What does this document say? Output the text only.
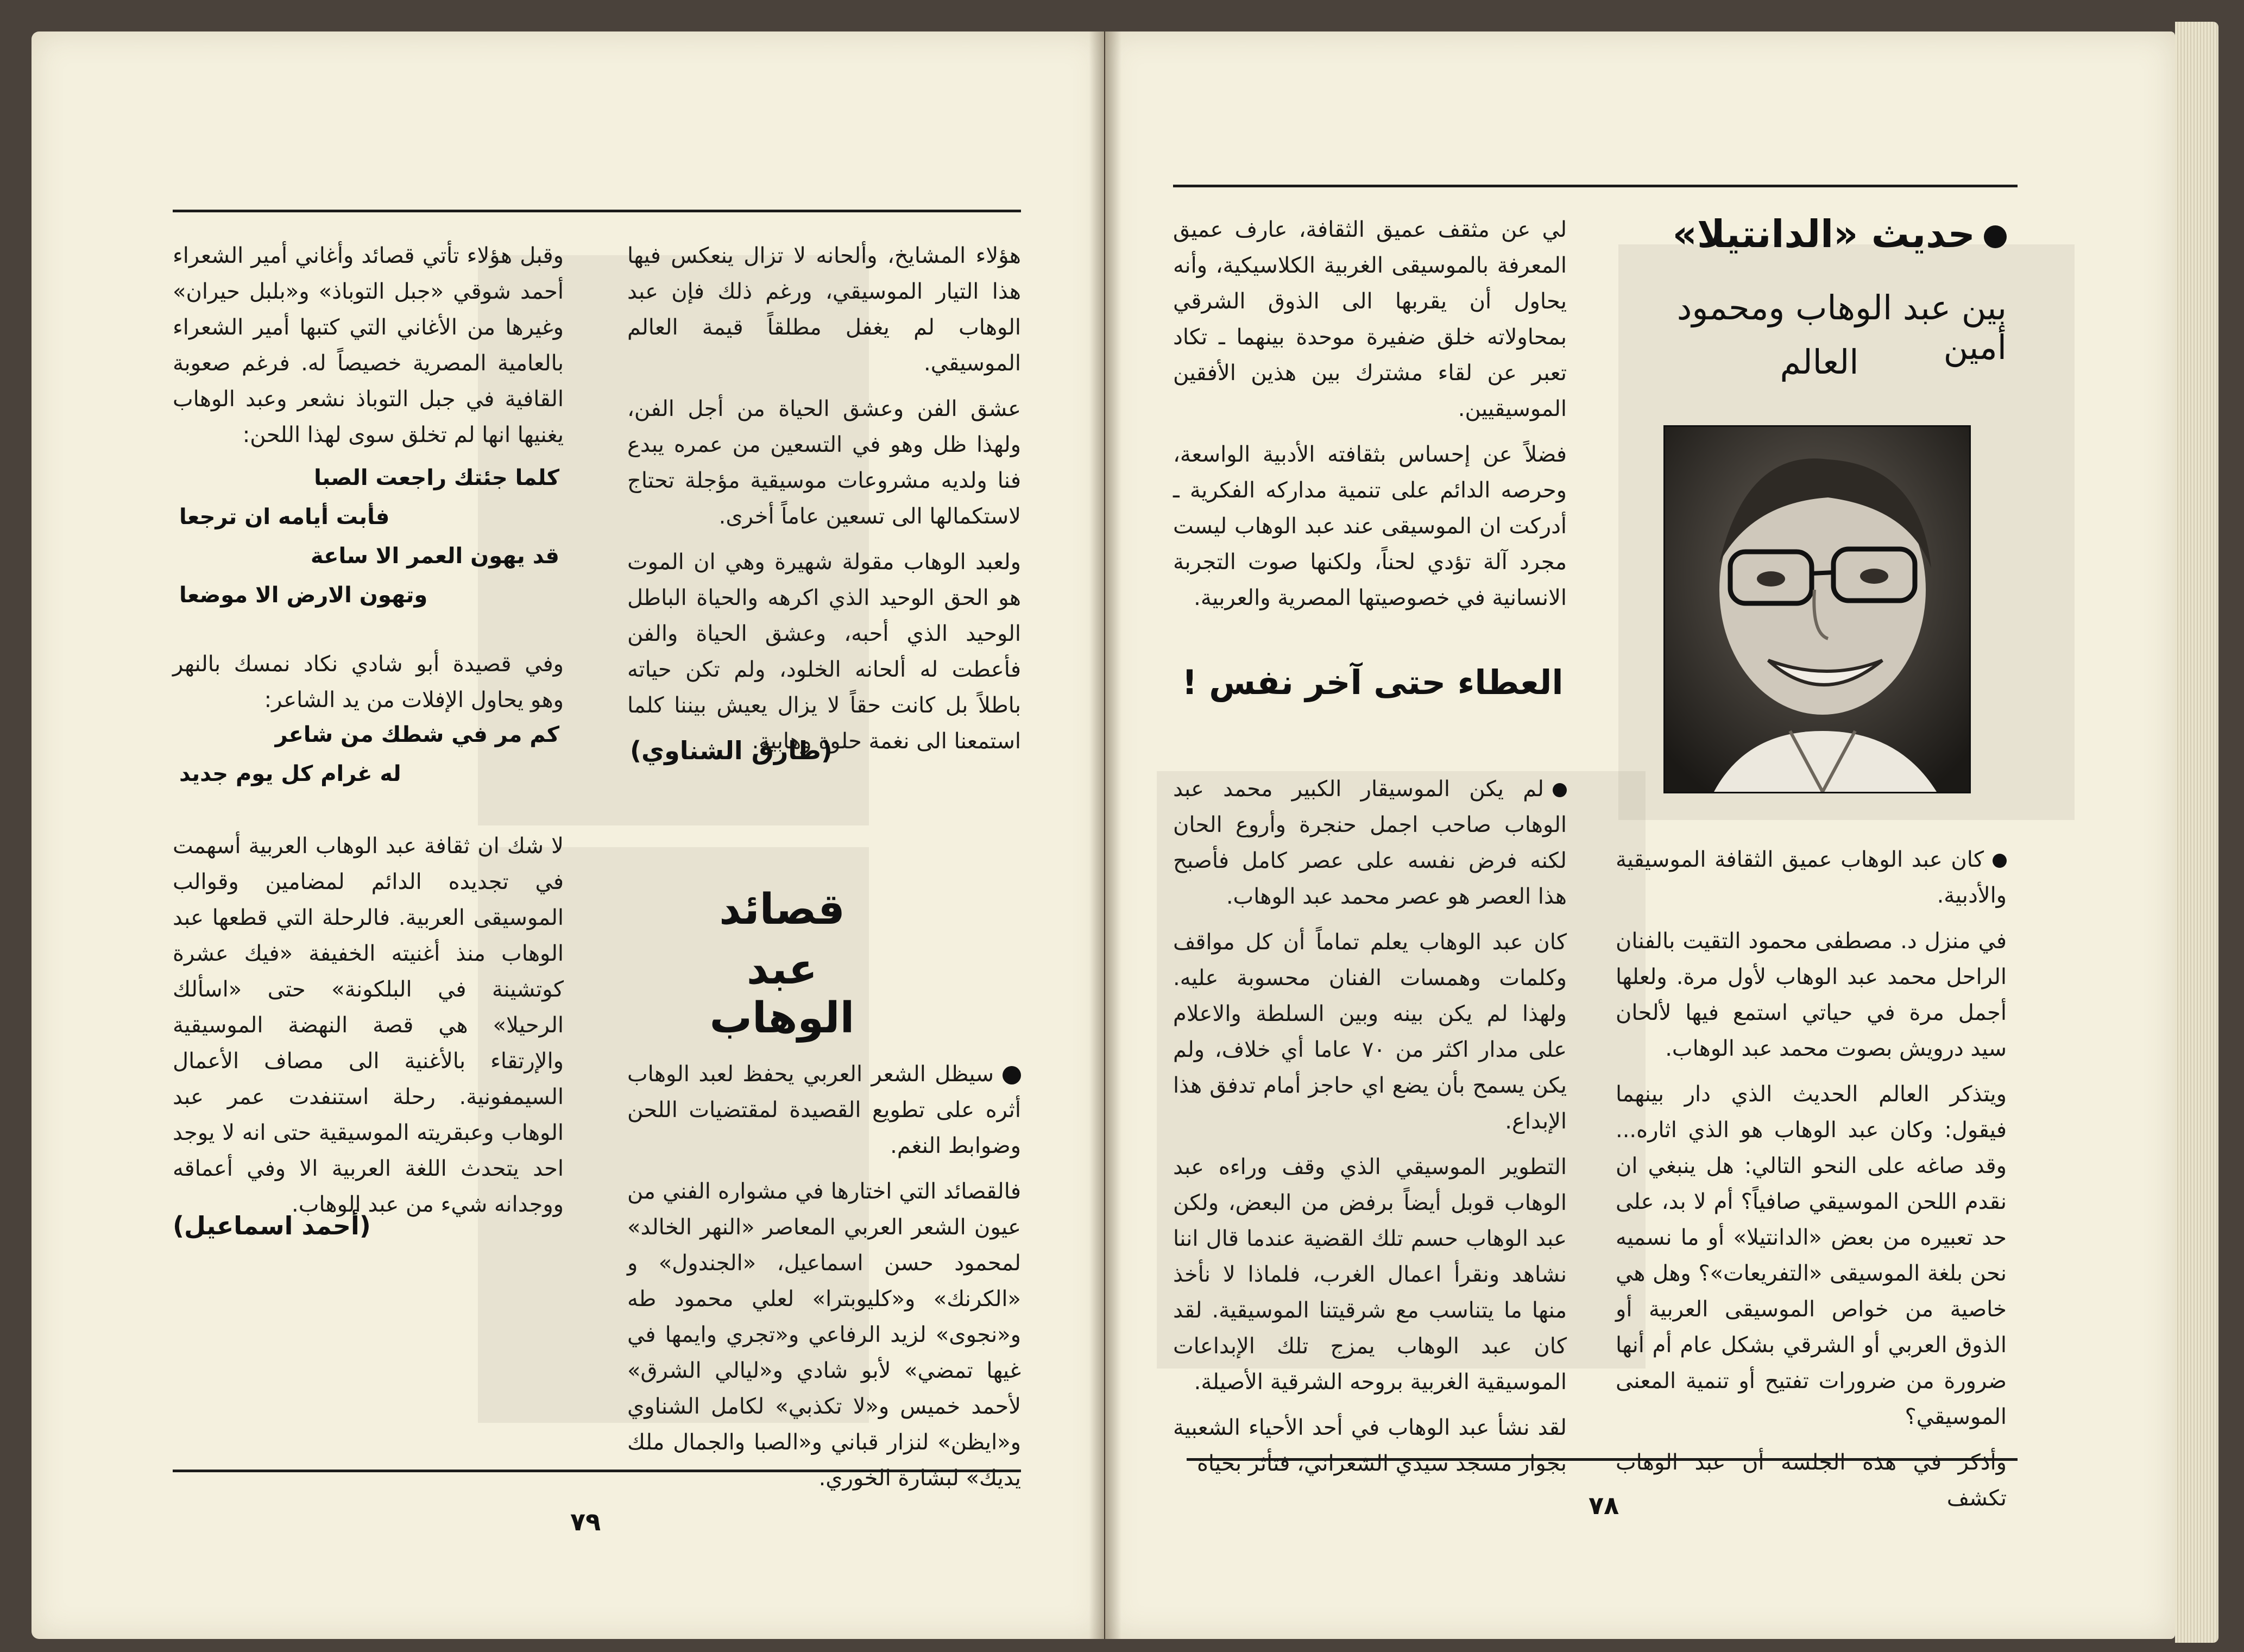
هؤلاء المشايخ، وألحانه لا تزال ينعكس فيها هذا التيار الموسيقي، ورغم ذلك فإن عبد الوهاب لم يغفل مطلقاً قيمة العالم الموسيقي.

عشق الفن وعشق الحياة من أجل الفن، ولهذا ظل وهو في التسعين من عمره يبدع فنا ولديه مشروعات موسيقية مؤجلة تحتاج لاستكمالها الى تسعين عاماً أخرى.

ولعبد الوهاب مقولة شهيرة وهي ان الموت هو الحق الوحيد الذي اكرهه والحياة الباطل الوحيد الذي أحبه، وعشق الحياة والفن فأعطت له ألحانه الخلود، ولم تكن حياته باطلاً بل كانت حقاً لا يزال يعيش بيننا كلما استمعنا الى نغمة حلوة وهابية.

(طارق الشناوي)
قصائد
عبد الوهاب

سيظل الشعر العربي يحفظ لعبد الوهاب أثره على تطويع القصيدة لمقتضيات اللحن وضوابط النغم.

فالقصائد التي اختارها في مشواره الفني من عيون الشعر العربي المعاصر «النهر الخالد» لمحمود حسن اسماعيل، «الجندول» و «الكرنك» و«كليوبترا» لعلي محمود طه و«نجوى» لزيد الرفاعي و«تجري وايمها في غيها تمضي» لأبو شادي و«ليالي الشرق» لأحمد خميس و«لا تكذبي» لكامل الشناوي و«ايظن» لنزار قباني و«الصبا والجمال ملك يديك» لبشارة الخوري.

وقبل هؤلاء تأتي قصائد وأغاني أمير الشعراء أحمد شوقي «جبل التوباذ» و«بلبل حيران» وغيرها من الأغاني التي كتبها أمير الشعراء بالعامية المصرية خصيصاً له. فرغم صعوبة القافية في جبل التوباذ نشعر وعبد الوهاب يغنيها انها لم تخلق سوى لهذا اللحن:

كلما جئتك راجعت الصبا
فأبت أيامه ان ترجعا
قد يهون العمر الا ساعة
وتهون الارض الا موضعا

وفي قصيدة أبو شادي نكاد نمسك بالنهر وهو يحاول الإفلات من يد الشاعر:

كم مر في شطك من شاعر
له غرام كل يوم جديد

لا شك ان ثقافة عبد الوهاب العربية أسهمت في تجديده الدائم لمضامين وقوالب الموسيقى العربية. فالرحلة التي قطعها عبد الوهاب منذ أغنيته الخفيفة «فيك عشرة كوتشينة في البلكونة» حتى «اسألك الرحيلا» هي قصة النهضة الموسيقية والإرتقاء بالأغنية الى مصاف الأعمال السيمفونية. رحلة استنفدت عمر عبد الوهاب وعبقريته الموسيقية حتى انه لا يوجد احد يتحدث اللغة العربية الا وفي أعماقه ووجدانه شيء من عبد الوهاب.

(أحمد اسماعيل)
٧٩
حديث «الدانتيلا»
بين عبد الوهاب ومحمود أمين
العالم

كان عبد الوهاب عميق الثقافة الموسيقية والأدبية.

في منزل د. مصطفى محمود التقيت بالفنان الراحل محمد عبد الوهاب لأول مرة. ولعلها أجمل مرة في حياتي استمع فيها لألحان سيد درويش بصوت محمد عبد الوهاب.

ويتذكر العالم الحديث الذي دار بينهما فيقول: وكان عبد الوهاب هو الذي اثاره... وقد صاغه على النحو التالي: هل ينبغي ان نقدم اللحن الموسيقي صافياً؟ أم لا بد، على حد تعبيره من بعض «الدانتيلا» أو ما نسميه نحن بلغة الموسيقى «التفريعات»؟ وهل هي خاصية من خواص الموسيقى العربية أو الذوق العربي أو الشرقي بشكل عام أم أنها ضرورة من ضرورات تفتيح أو تنمية المعنى الموسيقي؟

وأذكر في هذه الجلسة أن عبد الوهاب تكشف

لي عن مثقف عميق الثقافة، عارف عميق المعرفة بالموسيقى الغربية الكلاسيكية، وأنه يحاول أن يقربها الى الذوق الشرقي بمحاولاته خلق ضفيرة موحدة بينهما ـ تكاد تعبر عن لقاء مشترك بين هذين الأفقين الموسيقيين.

فضلاً عن إحساس بثقافته الأدبية الواسعة، وحرصه الدائم على تنمية مداركه الفكرية ـ أدركت ان الموسيقى عند عبد الوهاب ليست مجرد آلة تؤدي لحناً، ولكنها صوت التجربة الانسانية في خصوصيتها المصرية والعربية.

العطاء حتى آخر نفس !

لم يكن الموسيقار الكبير محمد عبد الوهاب صاحب اجمل حنجرة وأروع الحان لكنه فرض نفسه على عصر كامل فأصبح هذا العصر هو عصر محمد عبد الوهاب.

كان عبد الوهاب يعلم تماماً أن كل مواقف وكلمات وهمسات الفنان محسوبة عليه. ولهذا لم يكن بينه وبين السلطة والاعلام على مدار اكثر من ٧٠ عاما أي خلاف، ولم يكن يسمح بأن يضع اي حاجز أمام تدفق هذا الإبداع.

التطوير الموسيقي الذي وقف وراءه عبد الوهاب قوبل أيضاً برفض من البعض، ولكن عبد الوهاب حسم تلك القضية عندما قال اننا نشاهد ونقرأ اعمال الغرب، فلماذا لا نأخذ منها ما يتناسب مع شرقيتنا الموسيقية. لقد كان عبد الوهاب يمزج تلك الإبداعات الموسيقية الغربية بروحه الشرقية الأصيلة.

لقد نشأ عبد الوهاب في أحد الأحياء الشعبية بجوار مسجد سيدي الشعراني، فتأثر بحياة

٧٨
